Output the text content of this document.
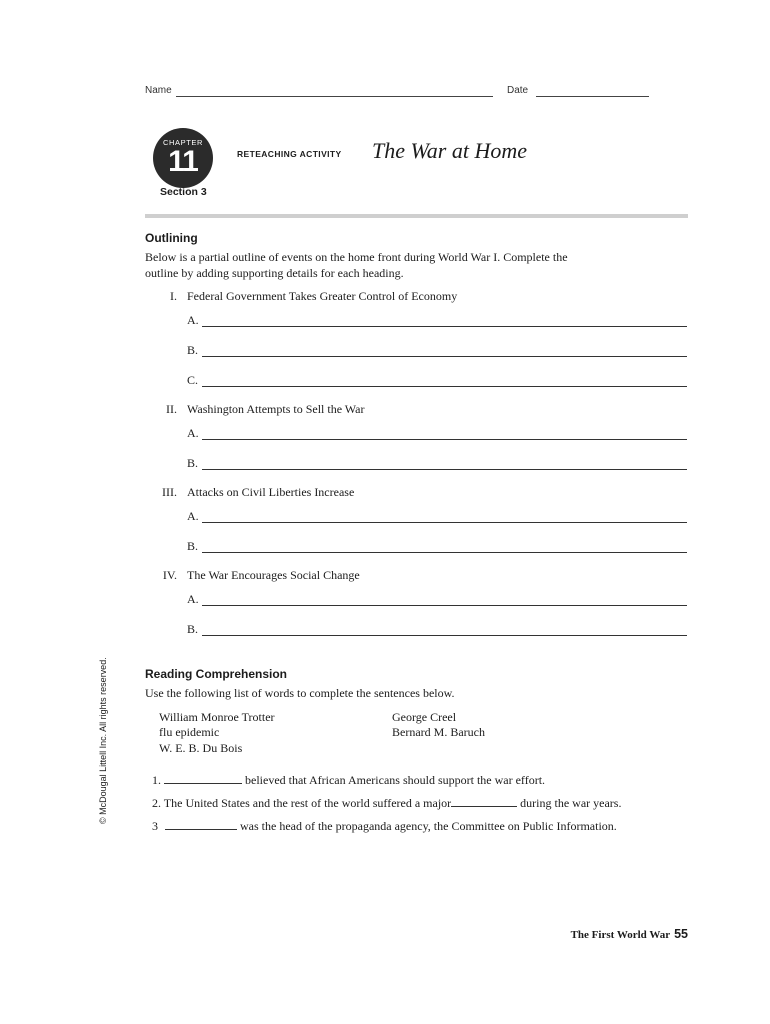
Name	Date
CHAPTER
11
Section 3
RETEACHING ACTIVITY The War at Home
Outlining
Below is a partial outline of events on the home front during World War I. Complete the
outline by adding supporting details for each heading.
I. Federal Government Takes Greater Control of Economy
A.
B.
C.
II. Washington Attempts to Sell the War
A.
B.
III. Attacks on Civil Liberties Increase
A.
B.
IV. The War Encourages Social Change
A.
B.
© McDougal Littell Inc. All rights reserved.	Reading Comprehension
Use the following list of words to complete the sentences below.
William Monroe Trotter
flu epidemic
W. E. B. Du Bois
George Creel
Bernard M. Baruch
1.	believed that African Americans should support the war effort.
2. The United States and the rest of the world suffered a major	during the war years.
3	was the head of the propaganda agency, the Committee on Public Information.
The First World War 55
